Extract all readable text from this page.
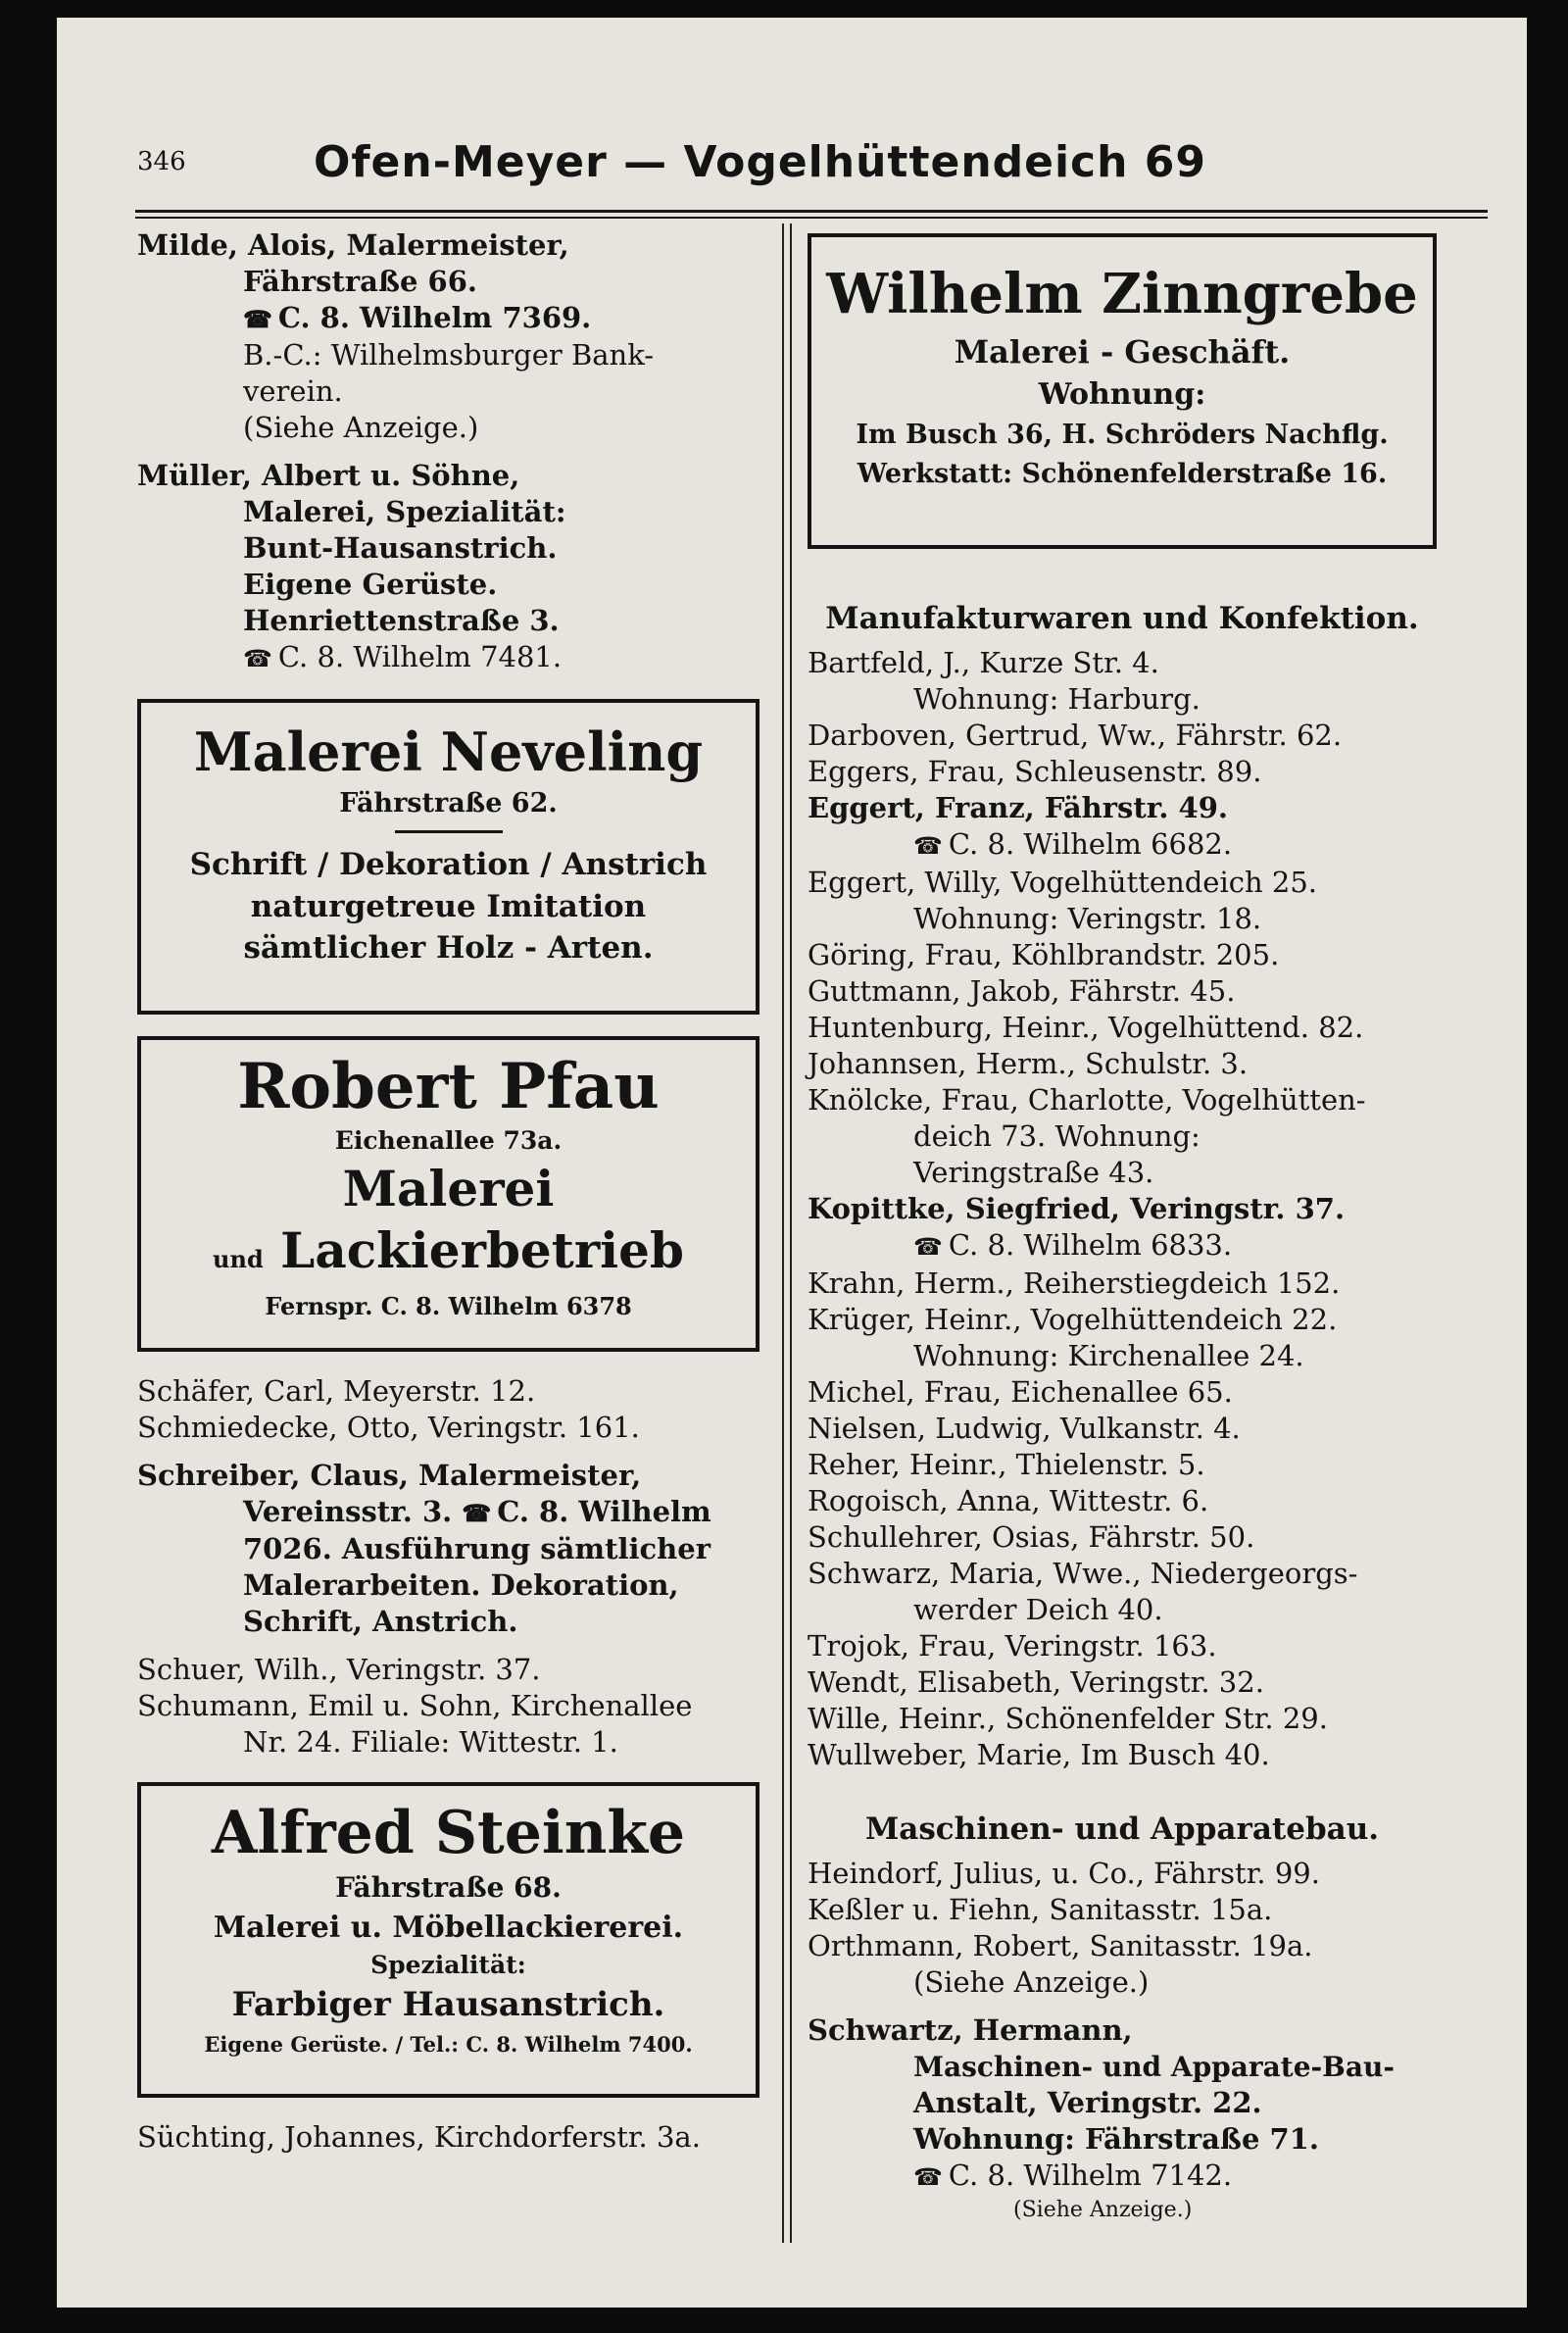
346	Ofen-Meyer — Vogelhüttendeich 69
Milde, Alois, Malermeister,
Fährstraße 66.
☎ C. 8. Wilhelm 7369.
B.-C.: Wilhelmsburger Bank-
verein.
(Siehe Anzeige.)
Müller, Albert u. Söhne,
Malerei, Spezialität:
Bunt-Hausanstrich.
Eigene Gerüste.
Henriettenstraße 3.
☎ C. 8. Wilhelm 7481.
Malerei Neveling
Fährstraße 62.
Schrift / Dekoration / Anstrich
naturgetreue Imitation
sämtlicher Holz - Arten.
Robert Pfau
Eichenallee 73a.
Malerei
und Lackierbetrieb
Fernspr. C. 8. Wilhelm 6378
Schäfer, Carl, Meyerstr. 12.
Schmiedecke, Otto, Veringstr. 161.
Schreiber, Claus, Malermeister,
Vereinsstr. 3. ☎ C. 8. Wilhelm
7026. Ausführung sämtlicher
Malerarbeiten. Dekoration,
Schrift, Anstrich.
Schuer, Wilh., Veringstr. 37.
Schumann, Emil u. Sohn, Kirchenallee
Nr. 24. Filiale: Wittestr. 1.
Alfred Steinke
Fährstraße 68.
Malerei u. Möbellackiererei.
Spezialität:
Farbiger Hausanstrich.
Eigene Gerüste. / Tel.: C. 8. Wilhelm 7400.
Süchting, Johannes, Kirchdorferstr. 3a.
Wilhelm Zinngrebe
Malerei - Geschäft.
Wohnung:
Im Busch 36, H. Schröders Nachflg.
Werkstatt: Schönenfelderstraße 16.
Manufakturwaren und Konfektion.
Bartfeld, J., Kurze Str. 4.
Wohnung: Harburg.
Darboven, Gertrud, Ww., Fährstr. 62.
Eggers, Frau, Schleusenstr. 89.
Eggert, Franz, Fährstr. 49.
☎ C. 8. Wilhelm 6682.
Eggert, Willy, Vogelhüttendeich 25.
Wohnung: Veringstr. 18.
Göring, Frau, Köhlbrandstr. 205.
Guttmann, Jakob, Fährstr. 45.
Huntenburg, Heinr., Vogelhüttend. 82.
Johannsen, Herm., Schulstr. 3.
Knölcke, Frau, Charlotte, Vogelhütten-
deich 73. Wohnung:
Veringstraße 43.
Kopittke, Siegfried, Veringstr. 37.
☎ C. 8. Wilhelm 6833.
Krahn, Herm., Reiherstiegdeich 152.
Krüger, Heinr., Vogelhüttendeich 22.
Wohnung: Kirchenallee 24.
Michel, Frau, Eichenallee 65.
Nielsen, Ludwig, Vulkanstr. 4.
Reher, Heinr., Thielenstr. 5.
Rogoisch, Anna, Wittestr. 6.
Schullehrer, Osias, Fährstr. 50.
Schwarz, Maria, Wwe., Niedergeorgs-
werder Deich 40.
Trojok, Frau, Veringstr. 163.
Wendt, Elisabeth, Veringstr. 32.
Wille, Heinr., Schönenfelder Str. 29.
Wullweber, Marie, Im Busch 40.
Maschinen- und Apparatebau.
Heindorf, Julius, u. Co., Fährstr. 99.
Keßler u. Fiehn, Sanitasstr. 15a.
Orthmann, Robert, Sanitasstr. 19a.
(Siehe Anzeige.)
Schwartz, Hermann,
Maschinen- und Apparate-Bau-
Anstalt, Veringstr. 22.
Wohnung: Fährstraße 71.
☎ C. 8. Wilhelm 7142.
(Siehe Anzeige.)
